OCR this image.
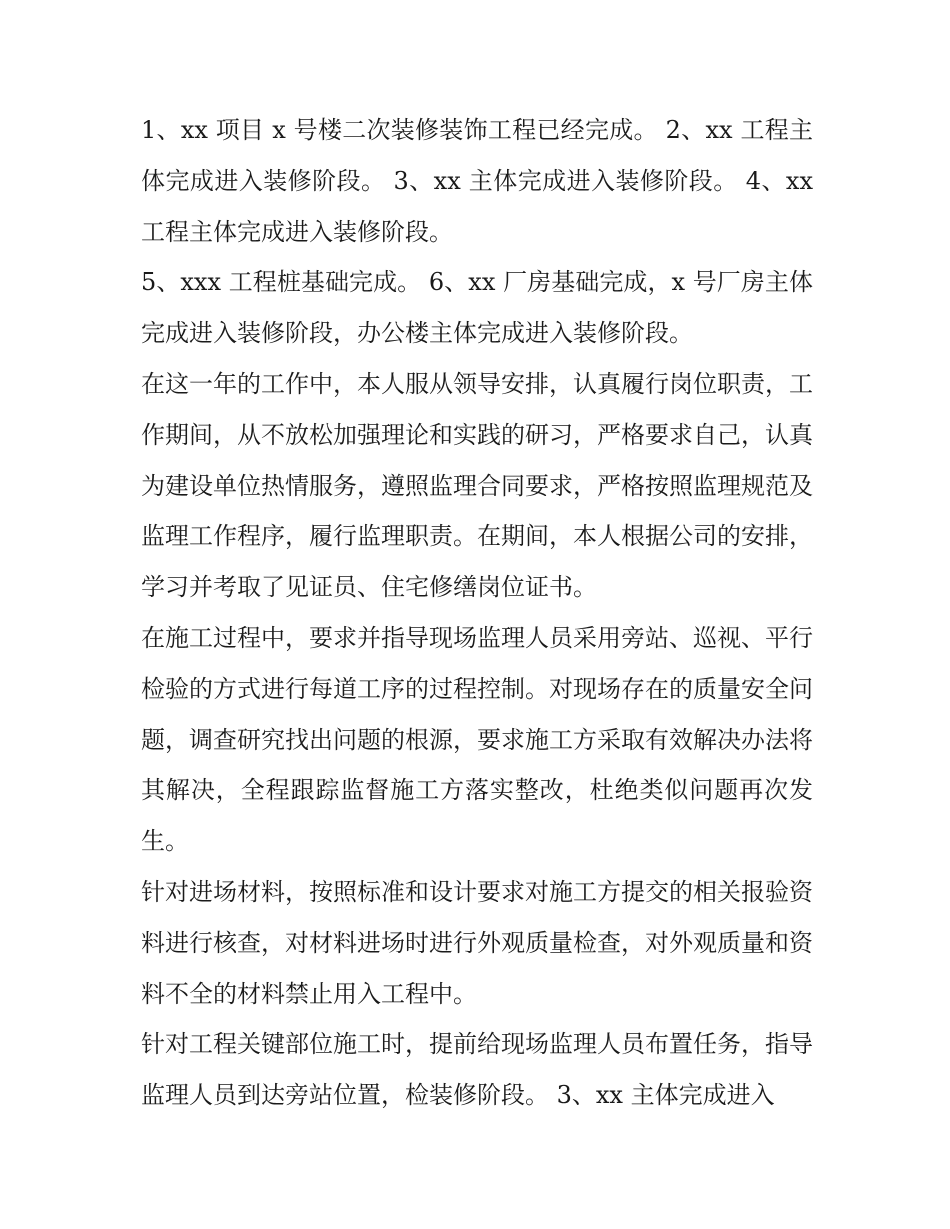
1、xx 项目 x 号楼二次装修装饰工程已经完成。 2、xx 工程主体完成进入装修阶段。 3、xx 主体完成进入装修阶段。 4、xx 工程主体完成进入装修阶段。

5、xxx 工程桩基础完成。 6、xx 厂房基础完成，x 号厂房主体完成进入装修阶段，办公楼主体完成进入装修阶段。

在这一年的工作中，本人服从领导安排，认真履行岗位职责，工作期间，从不放松加强理论和实践的研习，严格要求自己，认真为建设单位热情服务，遵照监理合同要求，严格按照监理规范及监理工作程序，履行监理职责。在期间，本人根据公司的安排，学习并考取了见证员、住宅修缮岗位证书。

在施工过程中，要求并指导现场监理人员采用旁站、巡视、平行检验的方式进行每道工序的过程控制。对现场存在的质量安全问题，调查研究找出问题的根源，要求施工方采取有效解决办法将其解决，全程跟踪监督施工方落实整改，杜绝类似问题再次发生。

针对进场材料，按照标准和设计要求对施工方提交的相关报验资料进行核查，对材料进场时进行外观质量检查，对外观质量和资料不全的材料禁止用入工程中。

针对工程关键部位施工时，提前给现场监理人员布置任务，指导监理人员到达旁站位置，检装修阶段。 3、xx 主体完成进入
